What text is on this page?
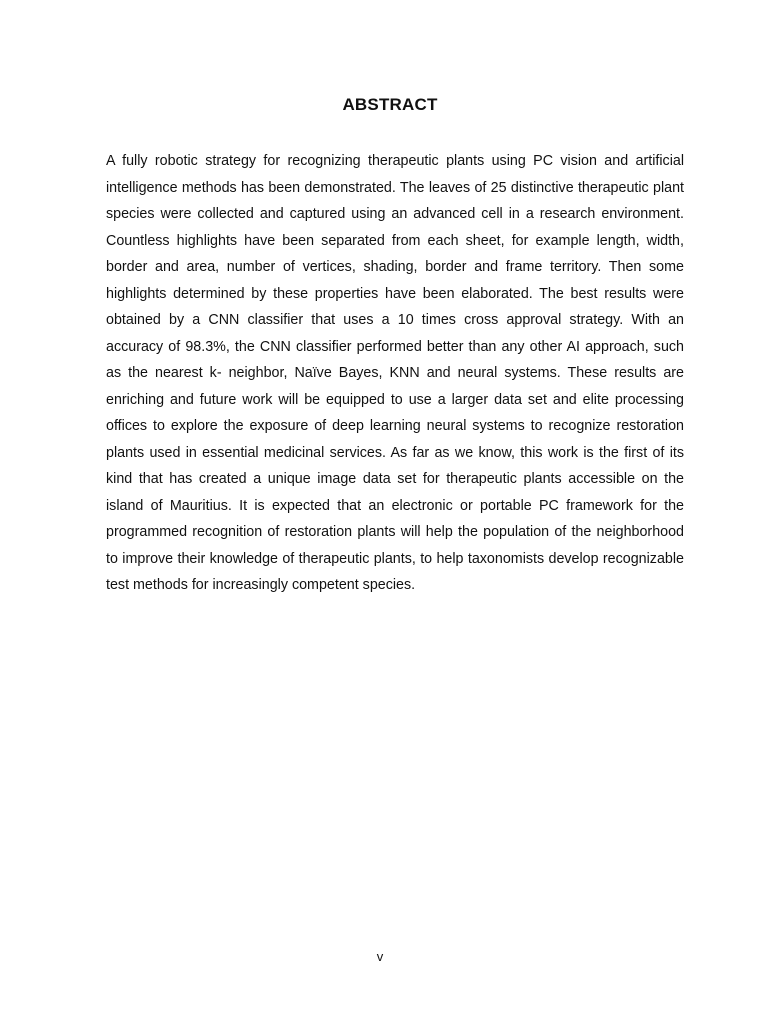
ABSTRACT

A fully robotic strategy for recognizing therapeutic plants using PC vision and artificial intelligence methods has been demonstrated. The leaves of 25 distinctive therapeutic plant species were collected and captured using an advanced cell in a research environment. Countless highlights have been separated from each sheet, for example length, width, border and area, number of vertices, shading, border and frame territory. Then some highlights determined by these properties have been elaborated. The best results were obtained by a CNN classifier that uses a 10 times cross approval strategy. With an accuracy of 98.3%, the CNN classifier performed better than any other AI approach, such as the nearest k- neighbor, Naïve Bayes, KNN and neural systems. These results are enriching and future work will be equipped to use a larger data set and elite processing offices to explore the exposure of deep learning neural systems to recognize restoration plants used in essential medicinal services. As far as we know, this work is the first of its kind that has created a unique image data set for therapeutic plants accessible on the island of Mauritius. It is expected that an electronic or portable PC framework for the programmed recognition of restoration plants will help the population of the neighborhood to improve their knowledge of therapeutic plants, to help taxonomists develop recognizable test methods for increasingly competent species.

v
